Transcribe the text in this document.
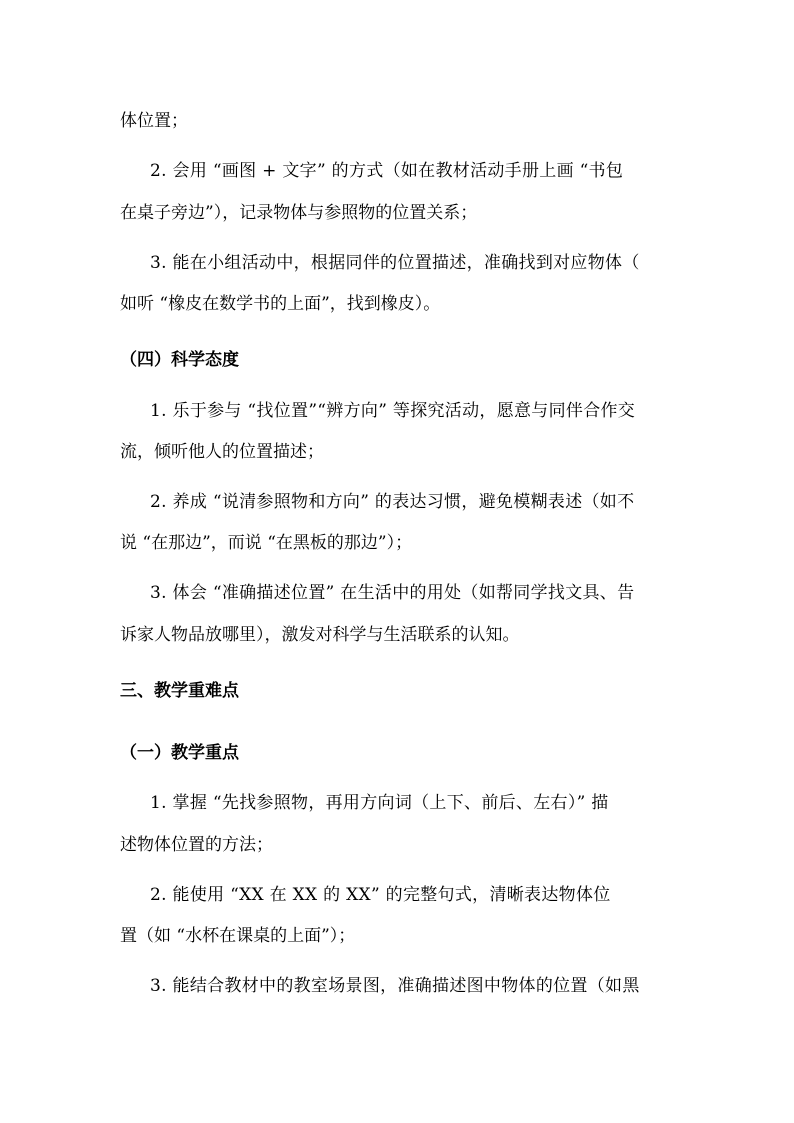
体位置；
2. 会用 “画图 + 文字” 的方式（如在教材活动手册上画 “书包
在桌子旁边”），记录物体与参照物的位置关系；
3. 能在小组活动中，根据同伴的位置描述，准确找到对应物体（
如听 “橡皮在数学书的上面”，找到橡皮）。
（四）科学态度
1. 乐于参与 “找位置”“辨方向” 等探究活动，愿意与同伴合作交
流，倾听他人的位置描述；
2. 养成 “说清参照物和方向” 的表达习惯，避免模糊表述（如不
说 “在那边”，而说 “在黑板的那边”）；
3. 体会 “准确描述位置” 在生活中的用处（如帮同学找文具、告
诉家人物品放哪里），激发对科学与生活联系的认知。
三、教学重难点
（一）教学重点
1. 掌握 “先找参照物，再用方向词（上下、前后、左右）” 描
述物体位置的方法；
2. 能使用 “XX 在 XX 的 XX” 的完整句式，清晰表达物体位
置（如 “水杯在课桌的上面”）；
3. 能结合教材中的教室场景图，准确描述图中物体的位置（如黑
